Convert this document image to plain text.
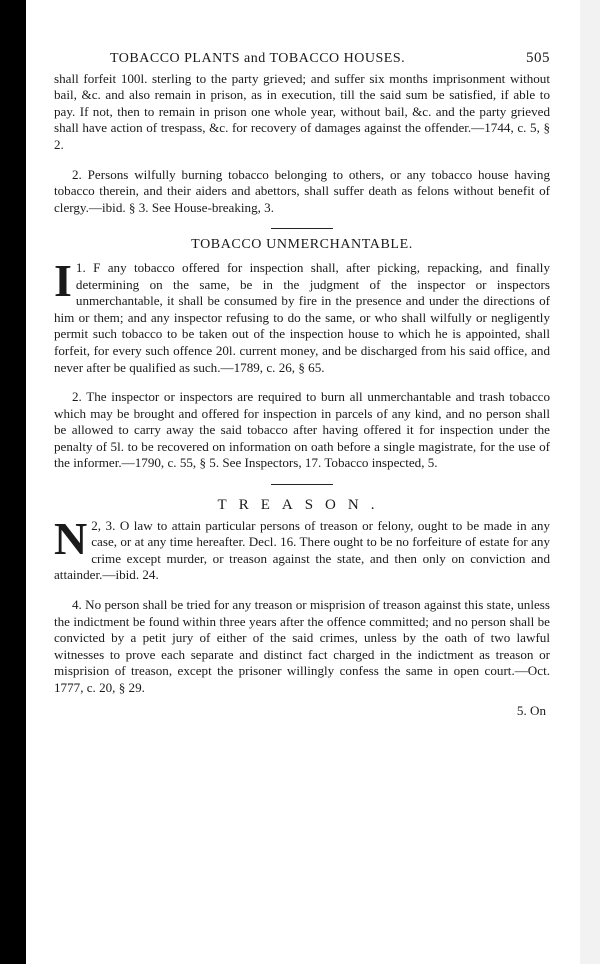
TOBACCO PLANTS and TOBACCO HOUSES.	505

shall forfeit 100l. sterling to the party grieved; and suffer six months imprisonment without bail, &c. and also remain in prison, as in execution, till the said sum be satisfied, if able to pay. If not, then to remain in prison one whole year, without bail, &c. and the party grieved shall have action of trespass, &c. for recovery of damages against the offender.—1744, c. 5, § 2.

2. Persons wilfully burning tobacco belonging to others, or any tobacco house having tobacco therein, and their aiders and abettors, shall suffer death as felons without benefit of clergy.—ibid. § 3. See House-breaking, 3.

TOBACCO UNMERCHANTABLE.

1.
I F any tobacco offered for inspection shall, after picking, repacking, and finally determining on the same, be in the judgment of the inspector or inspectors unmerchantable, it shall be consumed by fire in the presence and under the directions of him or them; and any inspector refusing to do the same, or who shall wilfully or negligently permit such tobacco to be taken out of the inspection house to which he is appointed, shall forfeit, for every such offence 20l. current money, and be discharged from his said office, and never after be qualified as such.—1789, c. 26, § 65.

2. The inspector or inspectors are required to burn all unmerchantable and trash tobacco which may be brought and offered for inspection in parcels of any kind, and no person shall be allowed to carry away the said tobacco after having offered it for inspection under the penalty of 5l. to be recovered on information on oath before a single magistrate, for the use of the informer.—1790, c. 55, § 5. See Inspectors, 17. Tobacco inspected, 5.

TREASON.

2, 3.
N O law to attain particular persons of treason or felony, ought to be made in any case, or at any time hereafter. Decl. 16. There ought to be no forfeiture of estate for any crime except murder, or treason against the state, and then only on conviction and attainder.—ibid. 24.

4. No person shall be tried for any treason or misprision of treason against this state, unless the indictment be found within three years after the offence committed; and no person shall be convicted by a petit jury of either of the said crimes, unless by the oath of two lawful witnesses to prove each separate and distinct fact charged in the indictment as treason or misprision of treason, except the prisoner willingly confess the same in open court.—Oct. 1777, c. 20, § 29.

5. On
